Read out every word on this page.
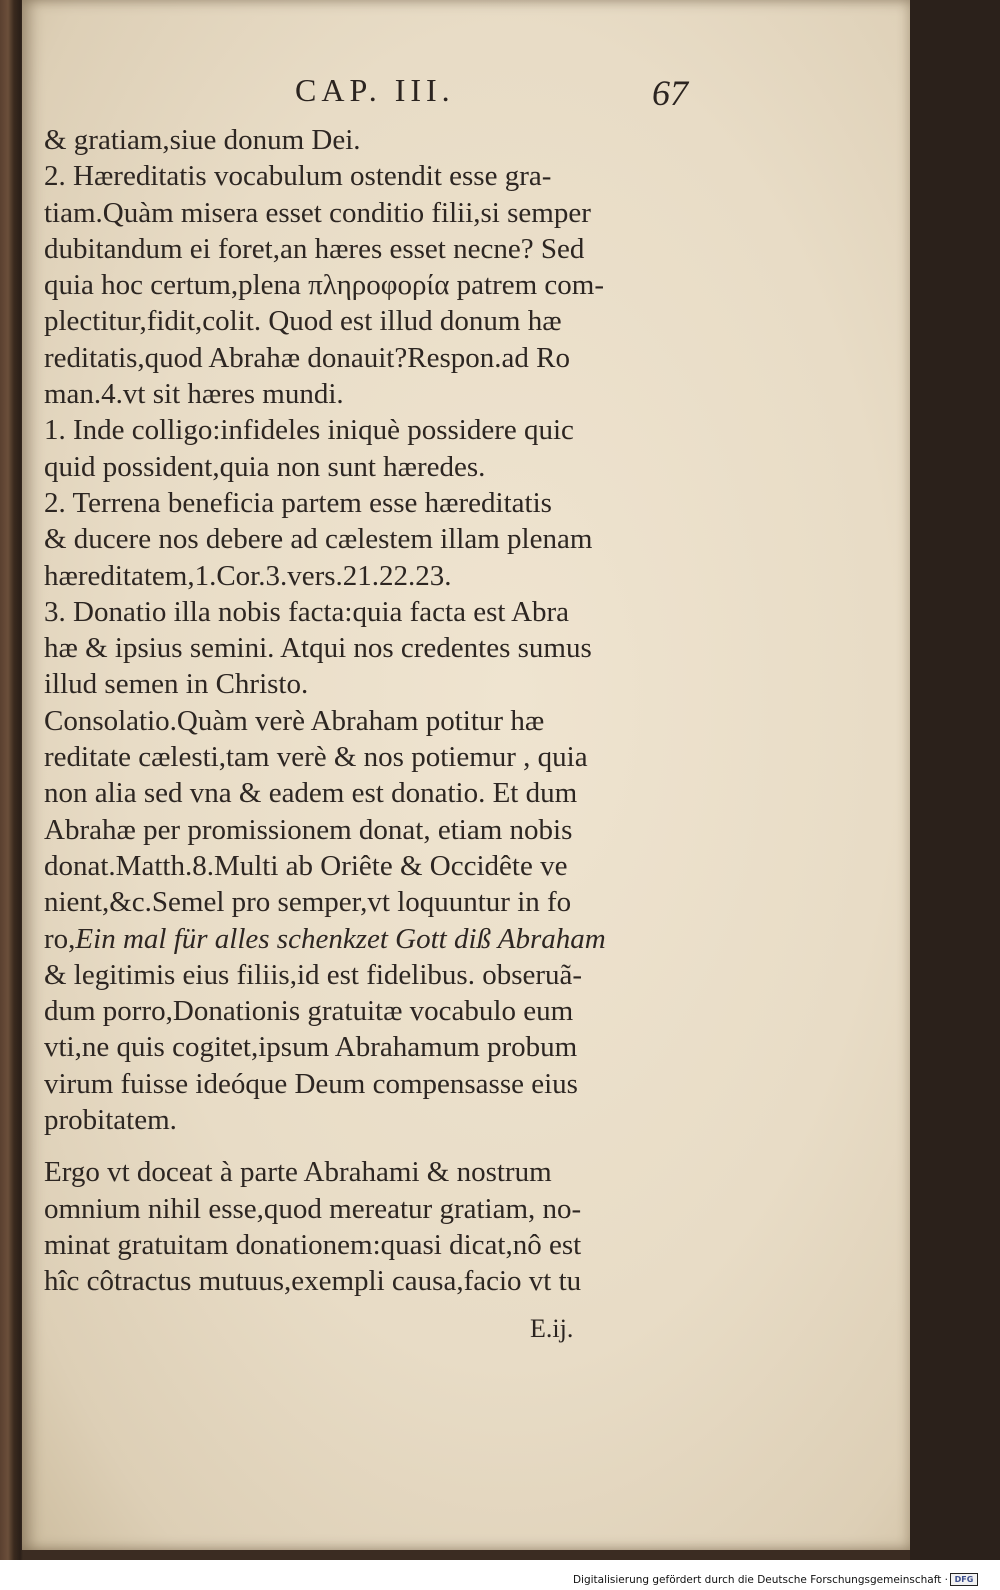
CAP. III.	67
& gratiam,siue donum Dei.
2. Hæreditatis vocabulum ostendit esse gra-
tiam.Quàm misera esset conditio filii,si semper
dubitandum ei foret,an hæres esset necne? Sed
quia hoc certum,plena πληροφορία patrem com-
plectitur,fidit,colit. Quod est illud donum hæ
reditatis,quod Abrahæ donauit?Respon.ad Ro
man.4.vt sit hæres mundi.
1. Inde colligo:infideles iniquè possidere quic
quid possident,quia non sunt hæredes.
2. Terrena beneficia partem esse hæreditatis
& ducere nos debere ad cælestem illam plenam
hæreditatem,1.Cor.3.vers.21.22.23.
3. Donatio illa nobis facta:quia facta est Abra
hæ & ipsius semini. Atqui nos credentes sumus
illud semen in Christo.
Consolatio.Quàm verè Abraham potitur hæ
reditate cælesti,tam verè & nos potiemur , quia
non alia sed vna & eadem est donatio. Et dum
Abrahæ per promissionem donat, etiam nobis
donat.Matth.8.Multi ab Oriête & Occidête ve
nient,&c.Semel pro semper,vt loquuntur in fo
ro,Ein mal für alles schenkzet Gott diß Abraham
& legitimis eius filiis,id est fidelibus. obseruã-
dum porro,Donationis gratuitæ vocabulo eum
vti,ne quis cogitet,ipsum Abrahamum probum
virum fuisse ideóque Deum compensasse eius
probitatem.
Ergo vt doceat à parte Abrahami & nostrum
omnium nihil esse,quod mereatur gratiam, no-
minat gratuitam donationem:quasi dicat,nô est
hîc côtractus mutuus,exempli causa,facio vt tu
E.ij.
Digitalisierung gefördert durch die Deutsche Forschungsgemeinschaft · DFG
